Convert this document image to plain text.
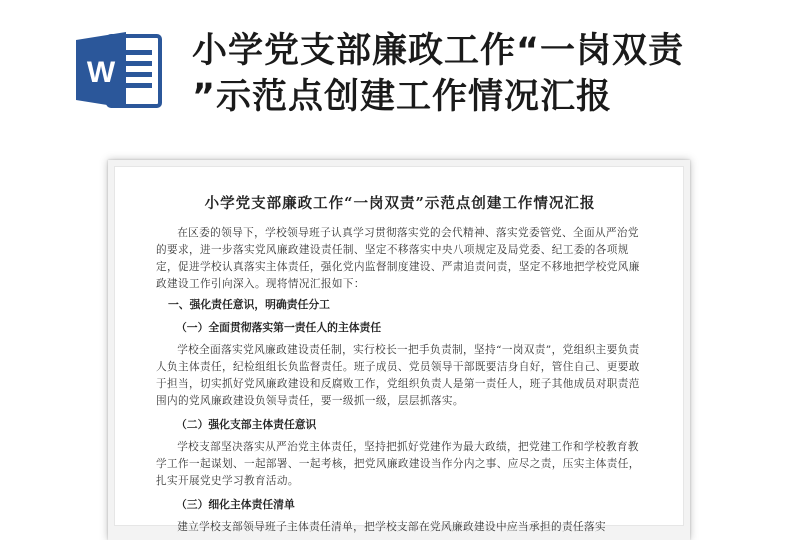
W
小学党支部廉政工作“一岗双责
”示范点创建工作情况汇报
小学党支部廉政工作“一岗双责”示范点创建工作情况汇报

在区委的领导下，学校领导班子认真学习贯彻落实党的会代精神、落实党委管党、全面从严治党的要求，进一步落实党风廉政建设责任制、坚定不移落实中央八项规定及局党委、纪工委的各项规定，促进学校认真落实主体责任，强化党内监督制度建设、严肃追责问责，坚定不移地把学校党风廉政建设工作引向深入。现将情况汇报如下：

一、强化责任意识，明确责任分工
（一）全面贯彻落实第一责任人的主体责任

学校全面落实党风廉政建设责任制，实行校长一把手负责制，坚持“一岗双责”，党组织主要负责人负主体责任，纪检组组长负监督责任。班子成员、党员领导干部既要洁身自好，管住自己、更要敢于担当，切实抓好党风廉政建设和反腐败工作，党组织负责人是第一责任人，班子其他成员对职责范围内的党风廉政建设负领导责任，要一级抓一级，层层抓落实。

（二）强化支部主体责任意识

学校支部坚决落实从严治党主体责任，坚持把抓好党建作为最大政绩，把党建工作和学校教育教学工作一起谋划、一起部署、一起考核，把党风廉政建设当作分内之事、应尽之责，压实主体责任，扎实开展党史学习教育活动。

（三）细化主体责任清单

建立学校支部领导班子主体责任清单，把学校支部在党风廉政建设中应当承担的责任落实
